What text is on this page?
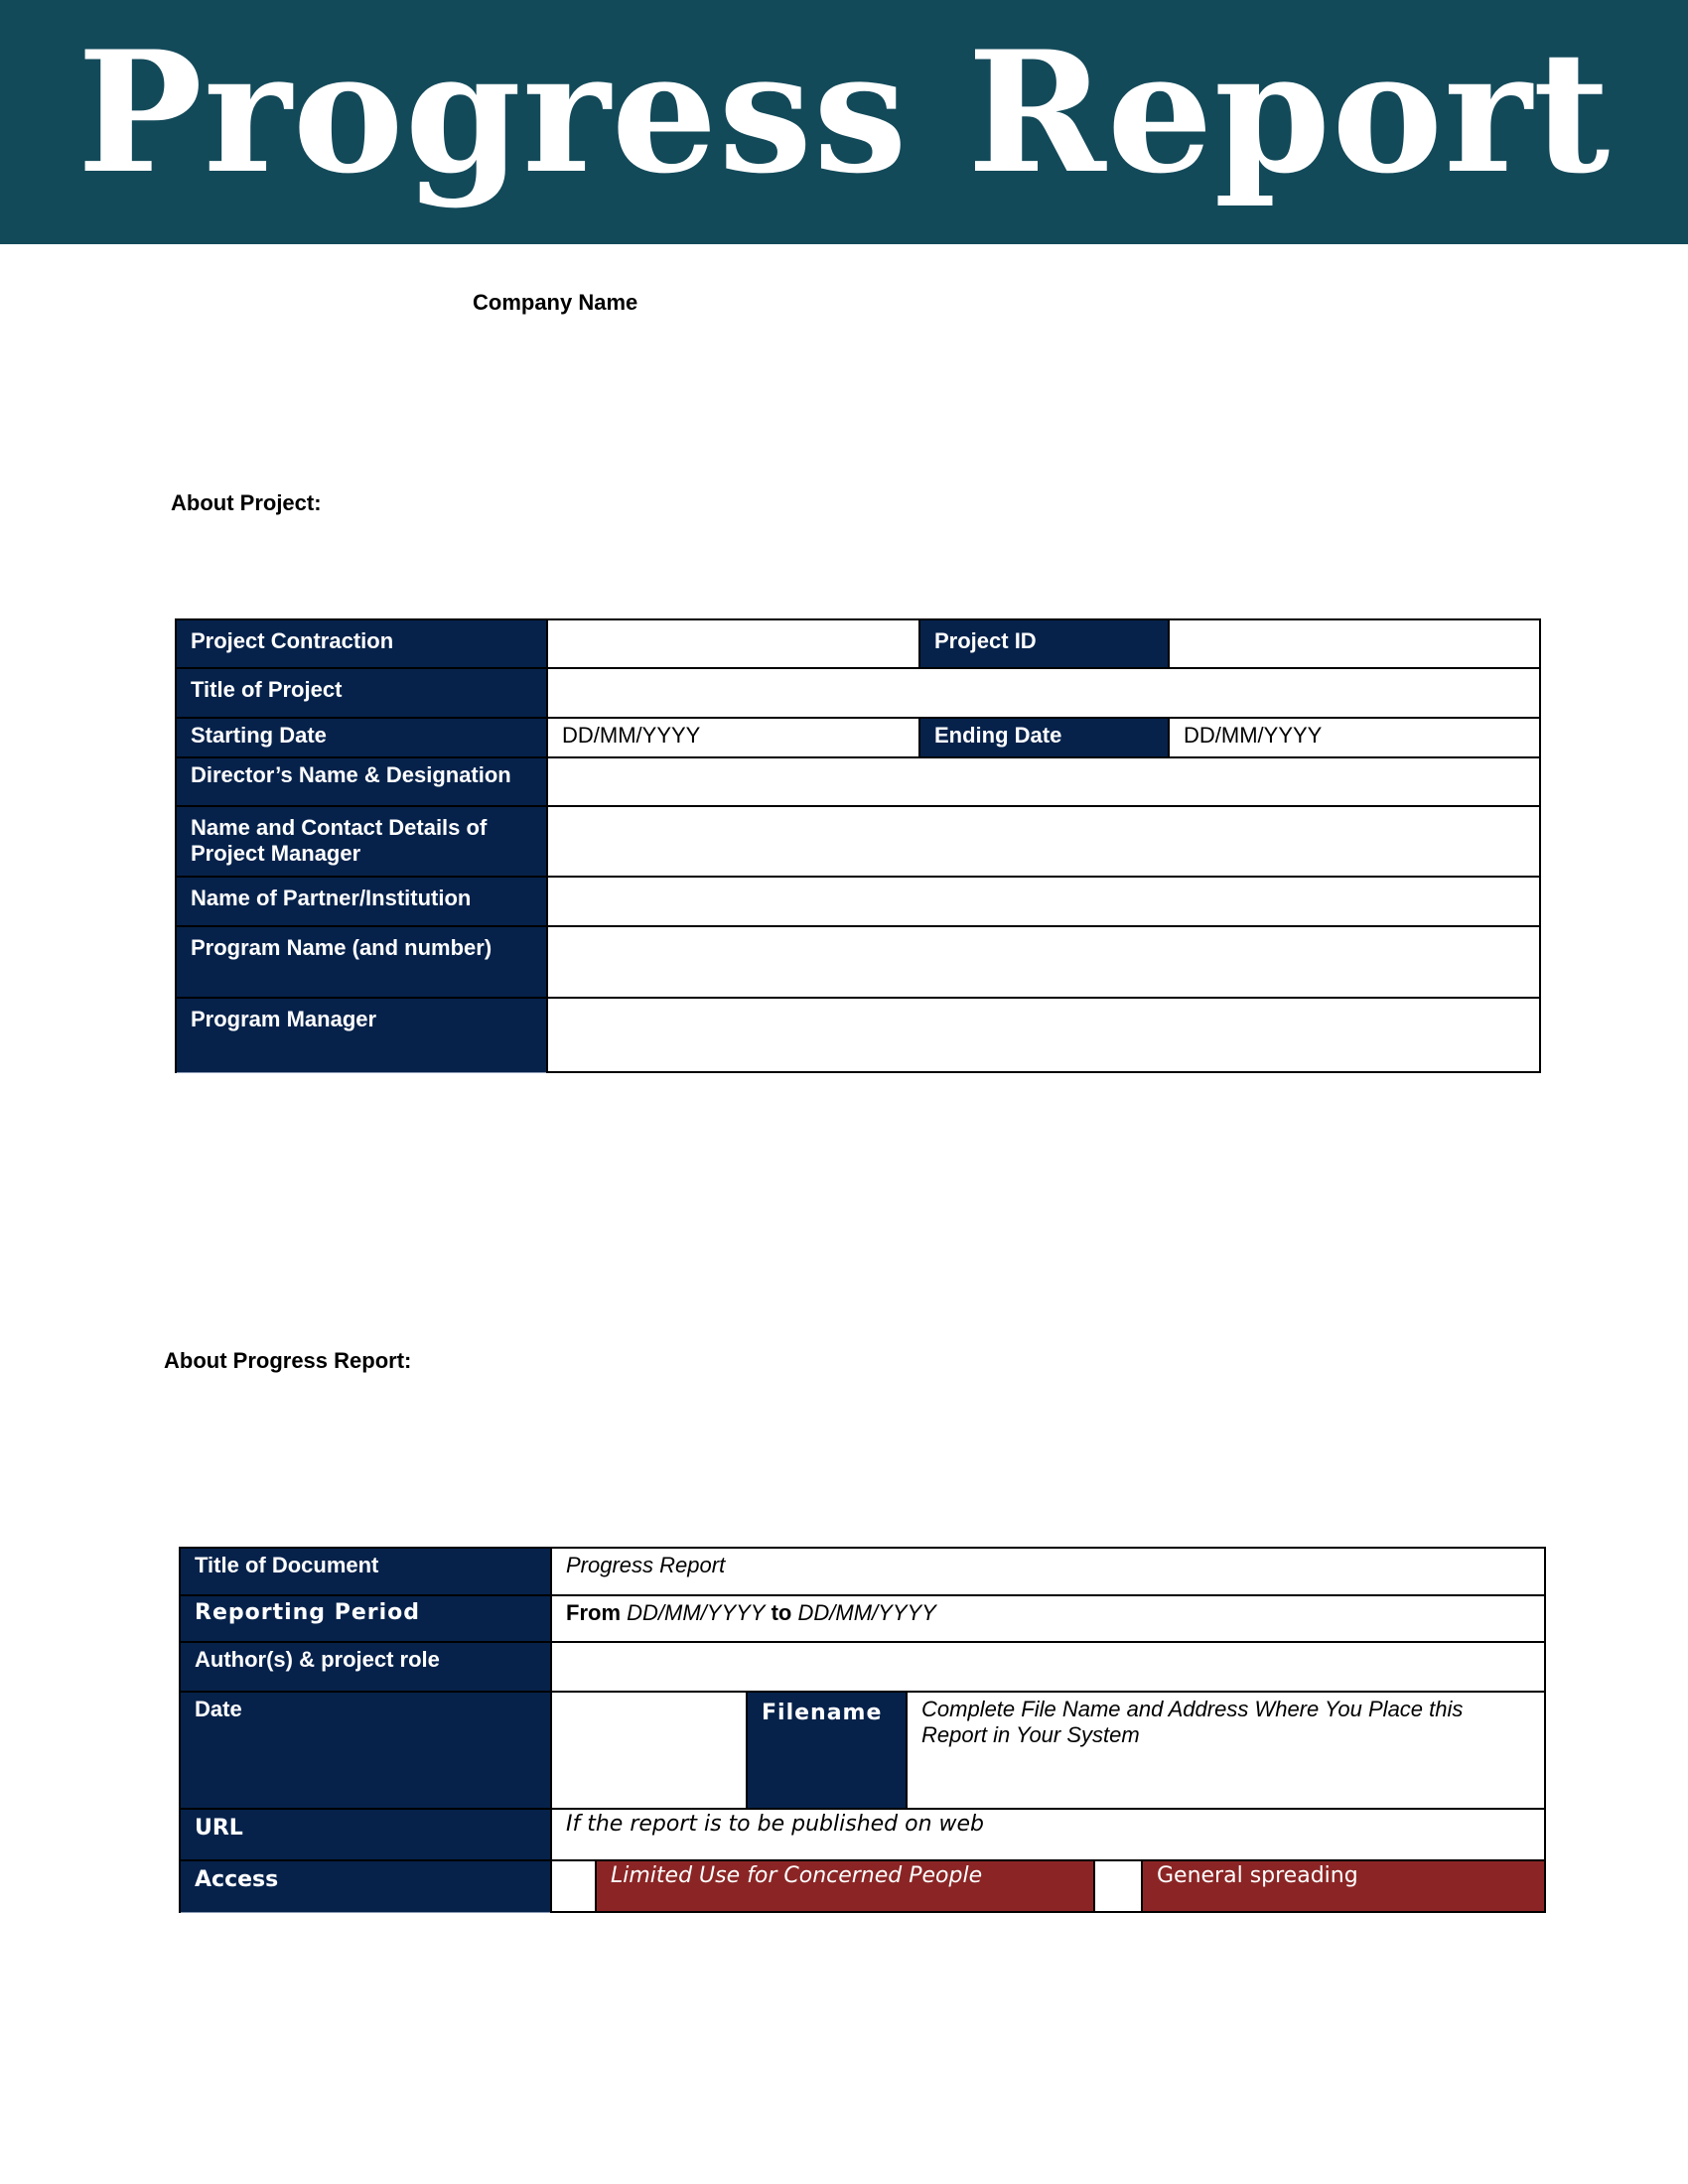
Progress Report
Company Name
About Project:
Project Contraction		Project ID	
Title of Project			
Starting Date	DD/MM/YYYY	Ending Date	DD/MM/YYYY
Director’s Name & Designation			
Name and Contact Details of
Project Manager			
Name of Partner/Institution			
Program Name (and number)			
Program Manager			
About Progress Report:
Title of Document	Progress Report					
Reporting Period	From DD/MM/YYYY to DD/MM/YYYY					
Author(s) & project role						
Date			Filename	Complete File Name and Address Where You Place this Report in Your System		
URL	If the report is to be published on web					
Access		Limited Use for Concerned People				General spreading
